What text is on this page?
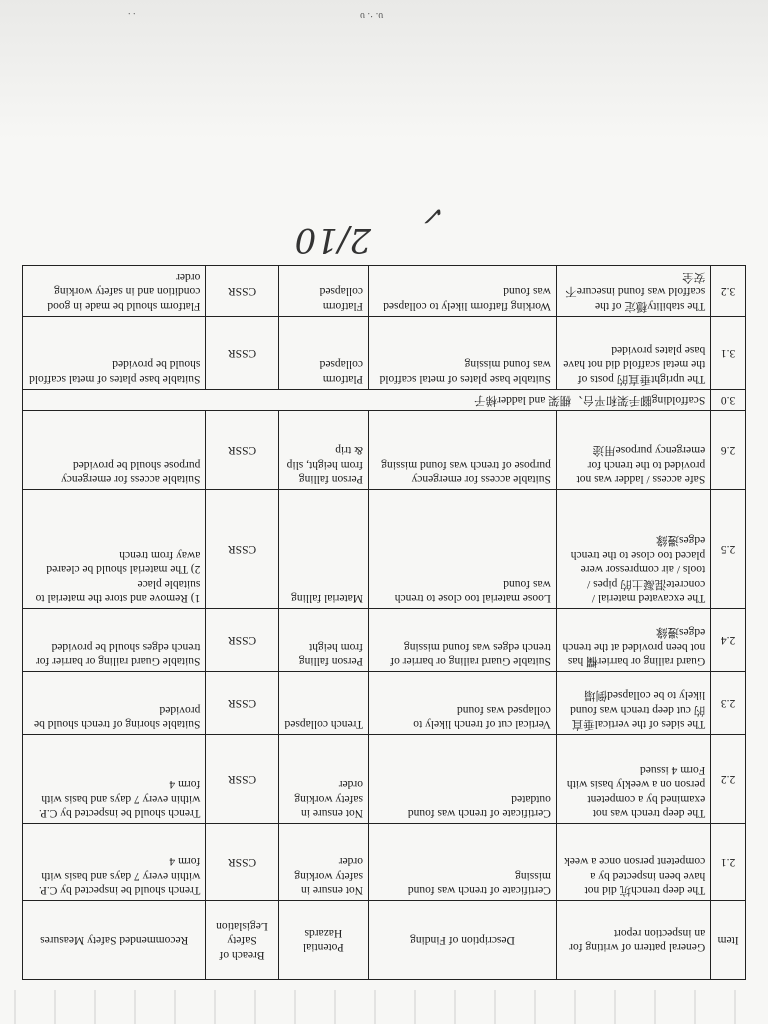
. .	υ. ·. υ
Item	General pattern of writing for an inspection report	Description of Finding	Potential Hazards	Breach of Safety Legislation	Recommended Safety Measures
2.1	The deep trench坑 did not have been inspected by a competent person once a week	Certificate of trench was found missing	Not ensure in safety working order	CSSR	Trench should be inspected by C.P. within every 7 days and basis with form 4
2.2	The deep trench was not examined by a competent person on a weekly basis with Form 4 issued	Certificate of trench was found outdated	Not ensure in safety working order	CSSR	Trench should be inspected by C.P. within every 7 days and basis with form 4
2.3	The sides of the vertical垂直的 cut deep trench was found likely to be collapsed倒塌	Vertical cut of trench likely to collapsed was found	Trench collapsed	CSSR	Suitable shoring of trench should be provided
2.4	Guard railing or barrier欄 has not been provided at the trench edges邊緣	Suitable Guard railing or barrier of trench edges was found missing	Person falling from height	CSSR	Suitable Guard railing or barrier for trench edges should be provided
2.5	The excavated material / concrete混凝土的 pipes / tools / air compressor were placed too close to the trench edges邊緣	Loose material too close to trench was found	Material falling	CSSR	1) Remove and store the material to suitable place
2) The material should be cleared away from trench
2.6	Safe access / ladder was not provided to the trench for emergency purpose用途	Suitable access for emergency purpose of trench was found missing	Person falling from height, slip & trip	CSSR	Suitable access for emergency purpose should be provided
3.0	Scaffolding腳手架和平台、棚架 and ladder梯子				
3.1	The upright垂直的 posts of the metal scaffold did not have base plates provided	Suitable base plates of metal scaffold was found missing	Platform collapsed	CSSR	Suitable base plates of metal scaffold should be provided
3.2	The stability穩定 of the scaffold was found insecure不安全	Working flatform likely to collapsed was found	Flatform collapsed	CSSR	Flatform should be made in good condition and in safety working order
2/10
✓
